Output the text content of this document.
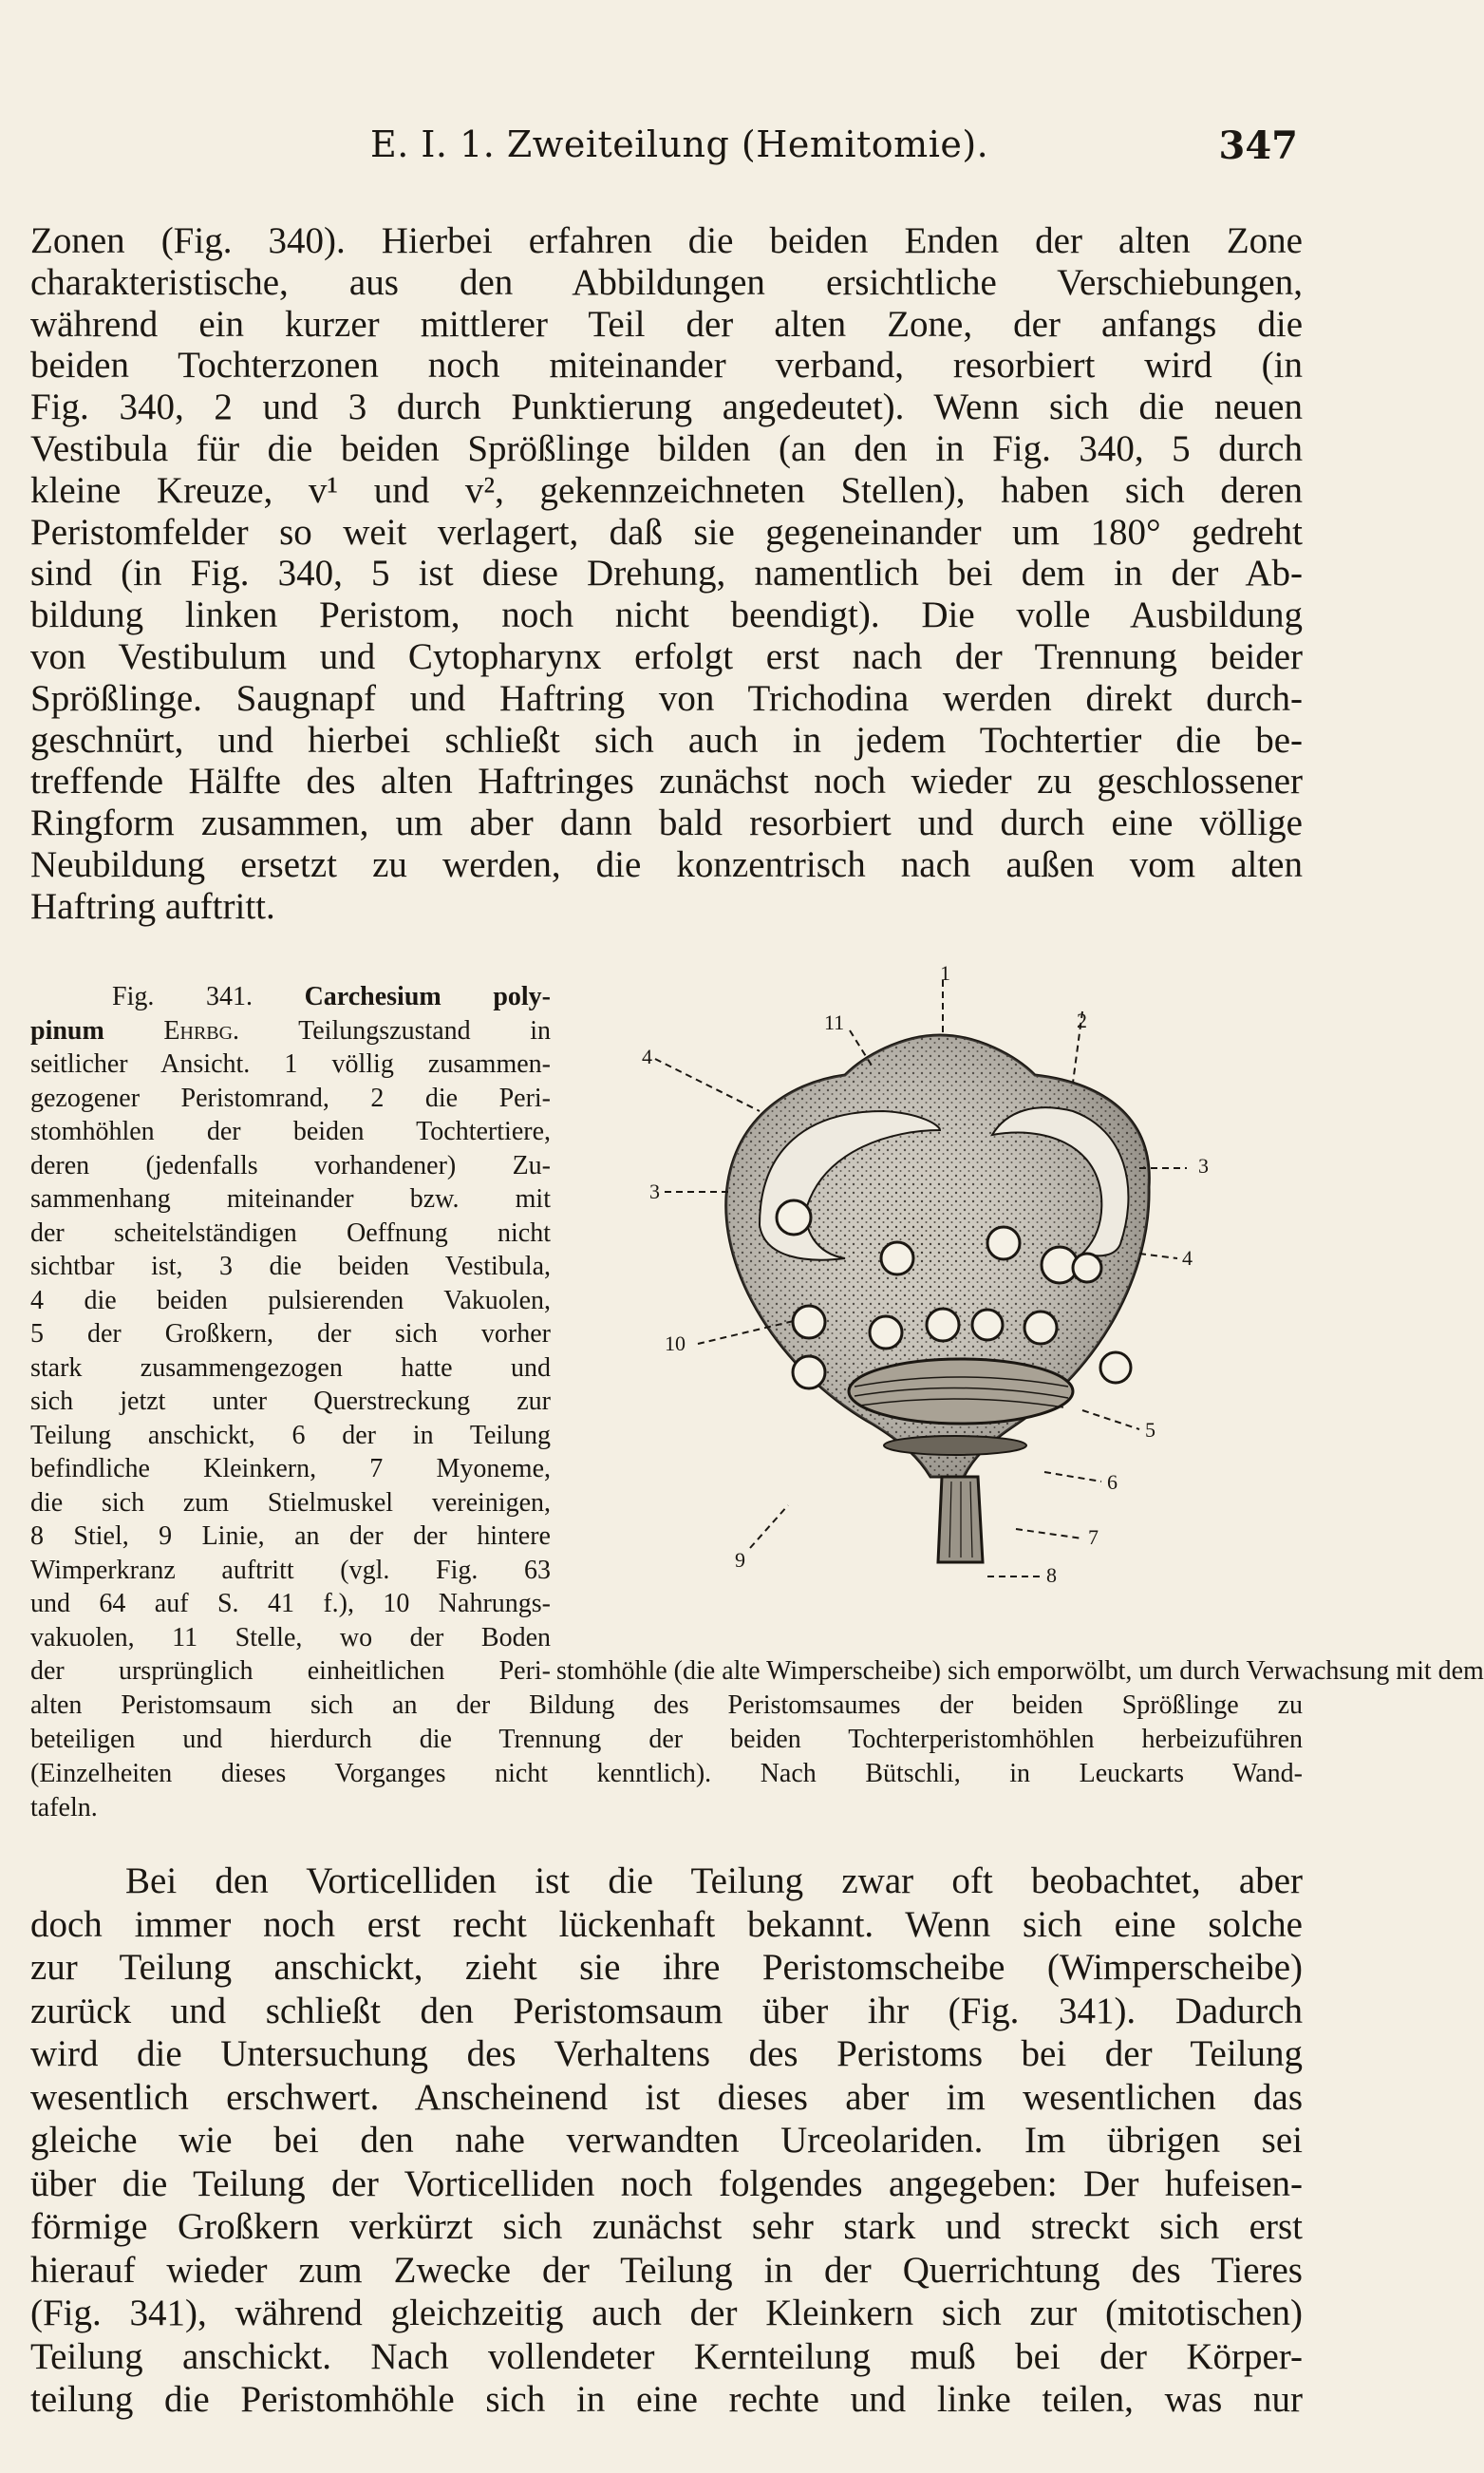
E. I. 1. Zweiteilung (Hemitomie).	347
Zonen (Fig. 340). Hierbei erfahren die beiden Enden der alten Zone
charakteristische, aus den Abbildungen ersichtliche Verschiebungen,
während ein kurzer mittlerer Teil der alten Zone, der anfangs die
beiden Tochterzonen noch miteinander verband, resorbiert wird (in
Fig. 340, 2 und 3 durch Punktierung angedeutet). Wenn sich die neuen
Vestibula für die beiden Sprößlinge bilden (an den in Fig. 340, 5 durch
kleine Kreuze, v¹ und v², gekennzeichneten Stellen), haben sich deren
Peristomfelder so weit verlagert, daß sie gegeneinander um 180° gedreht
sind (in Fig. 340, 5 ist diese Drehung, namentlich bei dem in der Ab-
bildung linken Peristom, noch nicht beendigt). Die volle Ausbildung
von Vestibulum und Cytopharynx erfolgt erst nach der Trennung beider
Sprößlinge. Saugnapf und Haftring von Trichodina werden direkt durch-
geschnürt, und hierbei schließt sich auch in jedem Tochtertier die be-
treffende Hälfte des alten Haftringes zunächst noch wieder zu geschlossener
Ringform zusammen, um aber dann bald resorbiert und durch eine völlige
Neubildung ersetzt zu werden, die konzentrisch nach außen vom alten
Haftring auftritt.
Fig. 341. Carchesium poly-
pinum Ehrbg. Teilungszustand in
seitlicher Ansicht. 1 völlig zusammen-
gezogener Peristomrand, 2 die Peri-
stomhöhlen der beiden Tochtertiere,
deren (jedenfalls vorhandener) Zu-
sammenhang miteinander bzw. mit
der scheitelständigen Oeffnung nicht
sichtbar ist, 3 die beiden Vestibula,
4 die beiden pulsierenden Vakuolen,
5 der Großkern, der sich vorher
stark zusammengezogen hatte und
sich jetzt unter Querstreckung zur
Teilung anschickt, 6 der in Teilung
befindliche Kleinkern, 7 Myoneme,
die sich zum Stielmuskel vereinigen,
8 Stiel, 9 Linie, an der der hintere
Wimperkranz auftritt (vgl. Fig. 63
und 64 auf S. 41 f.), 10 Nahrungs-
vakuolen, 11 Stelle, wo der Boden
der ursprünglich einheitlichen Peri- stomhöhle (die alte Wimperscheibe) sich emporwölbt, um durch Verwachsung mit dem
alten Peristomsaum sich an der Bildung des Peristomsaumes der beiden Sprößlinge zu
beteiligen und hierdurch die Trennung der beiden Tochterperistomhöhlen herbeizuführen
(Einzelheiten dieses Vorganges nicht kenntlich). Nach Bütschli, in Leuckarts Wand-
tafeln.
1
2
3
3
4
4
5
6
7
8
9
10
11
Bei den Vorticelliden ist die Teilung zwar oft beobachtet, aber
doch immer noch erst recht lückenhaft bekannt. Wenn sich eine solche
zur Teilung anschickt, zieht sie ihre Peristomscheibe (Wimperscheibe)
zurück und schließt den Peristomsaum über ihr (Fig. 341). Dadurch
wird die Untersuchung des Verhaltens des Peristoms bei der Teilung
wesentlich erschwert. Anscheinend ist dieses aber im wesentlichen das
gleiche wie bei den nahe verwandten Urceolariden. Im übrigen sei
über die Teilung der Vorticelliden noch folgendes angegeben: Der hufeisen-
förmige Großkern verkürzt sich zunächst sehr stark und streckt sich erst
hierauf wieder zum Zwecke der Teilung in der Querrichtung des Tieres
(Fig. 341), während gleichzeitig auch der Kleinkern sich zur (mitotischen)
Teilung anschickt. Nach vollendeter Kernteilung muß bei der Körper-
teilung die Peristomhöhle sich in eine rechte und linke teilen, was nur
